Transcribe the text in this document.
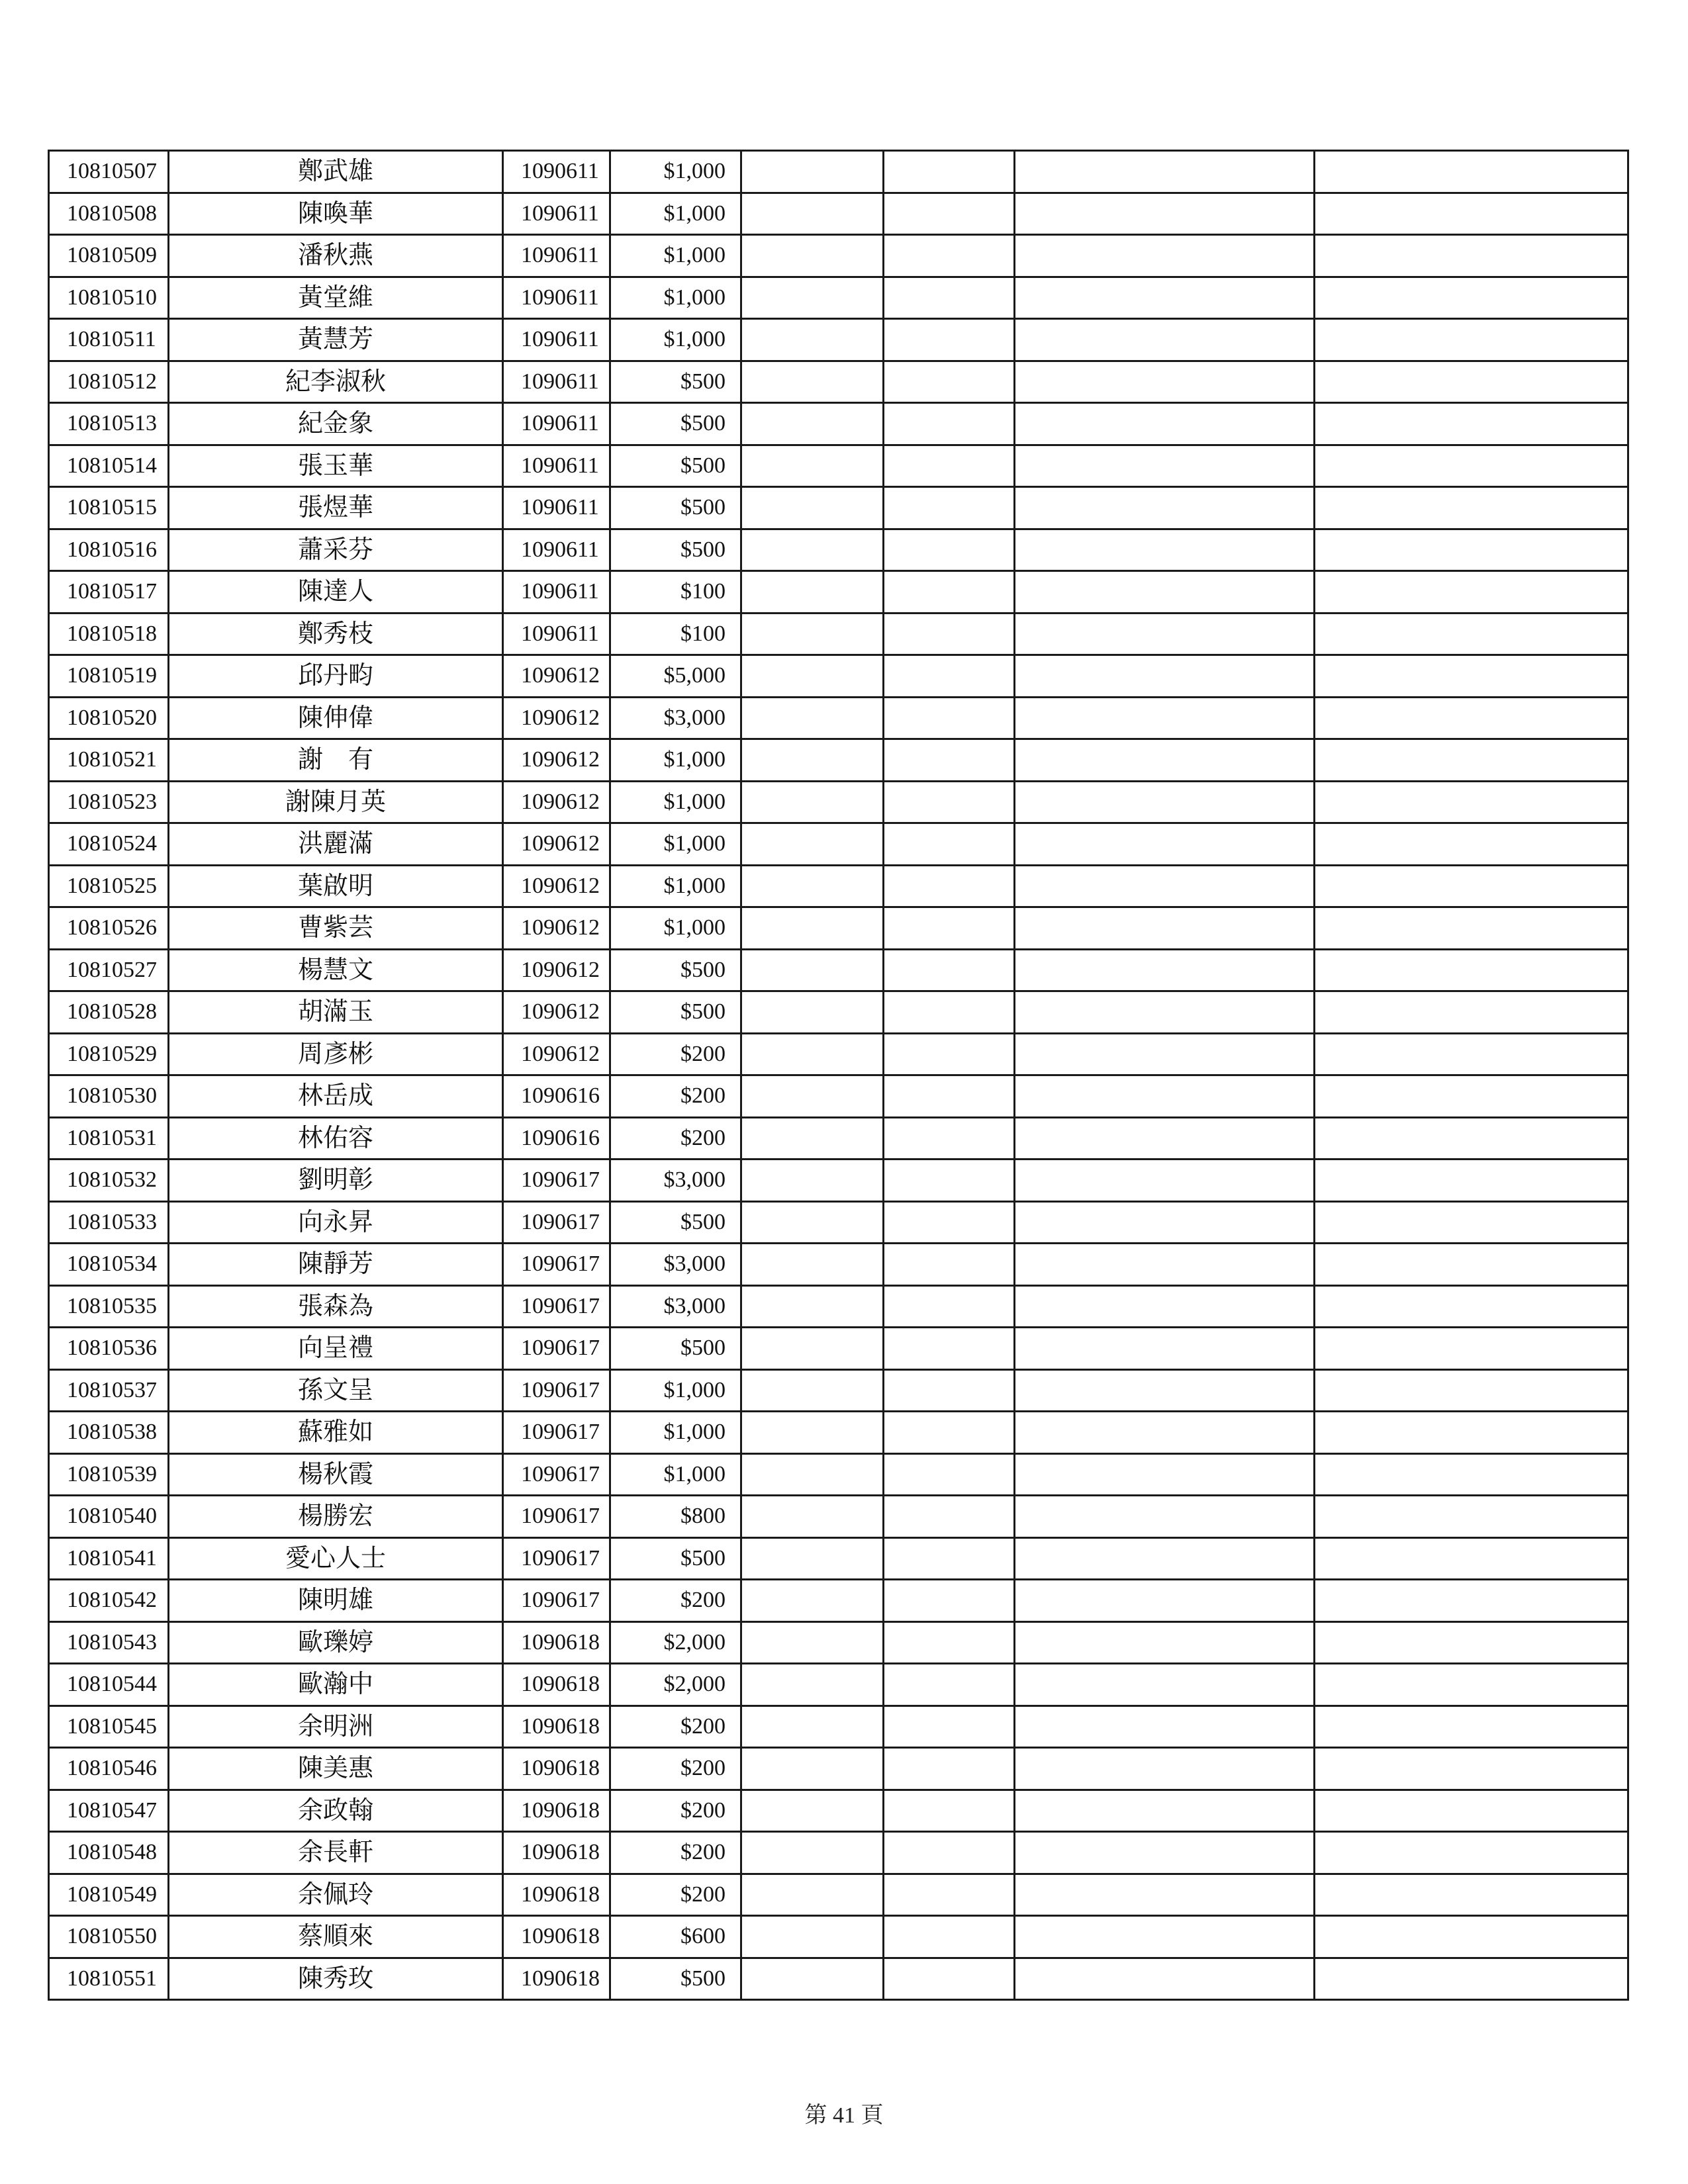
10810507	鄭武雄	1090611	$1,000				
10810508	陳喚華	1090611	$1,000				
10810509	潘秋燕	1090611	$1,000				
10810510	黃堂維	1090611	$1,000				
10810511	黃慧芳	1090611	$1,000				
10810512	紀李淑秋	1090611	$500				
10810513	紀金象	1090611	$500				
10810514	張玉華	1090611	$500				
10810515	張煜華	1090611	$500				
10810516	蕭采芬	1090611	$500				
10810517	陳達人	1090611	$100				
10810518	鄭秀枝	1090611	$100				
10810519	邱丹畇	1090612	$5,000				
10810520	陳伸偉	1090612	$3,000				
10810521	謝　有	1090612	$1,000				
10810523	謝陳月英	1090612	$1,000				
10810524	洪麗滿	1090612	$1,000				
10810525	葉啟明	1090612	$1,000				
10810526	曹紫芸	1090612	$1,000				
10810527	楊慧文	1090612	$500				
10810528	胡滿玉	1090612	$500				
10810529	周彥彬	1090612	$200				
10810530	林岳成	1090616	$200				
10810531	林佑容	1090616	$200				
10810532	劉明彰	1090617	$3,000				
10810533	向永昇	1090617	$500				
10810534	陳靜芳	1090617	$3,000				
10810535	張森為	1090617	$3,000				
10810536	向呈禮	1090617	$500				
10810537	孫文呈	1090617	$1,000				
10810538	蘇雅如	1090617	$1,000				
10810539	楊秋霞	1090617	$1,000				
10810540	楊勝宏	1090617	$800				
10810541	愛心人士	1090617	$500				
10810542	陳明雄	1090617	$200				
10810543	歐瓅婷	1090618	$2,000				
10810544	歐瀚中	1090618	$2,000				
10810545	余明洲	1090618	$200				
10810546	陳美惠	1090618	$200				
10810547	余政翰	1090618	$200				
10810548	余長軒	1090618	$200				
10810549	余佩玲	1090618	$200				
10810550	蔡順來	1090618	$600				
10810551	陳秀玫	1090618	$500				
第 41 頁
